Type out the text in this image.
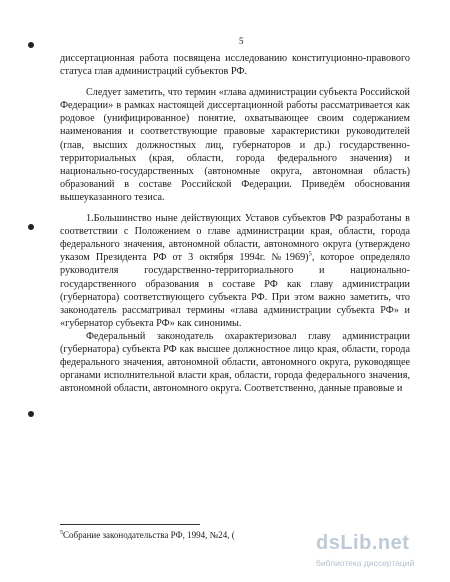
5

диссертационная работа посвящена исследованию конституционно-правового статуса глав администраций субъектов РФ.

Следует заметить, что термин «глава администрации субъекта Российской Федерации» в рамках настоящей диссертационной работы рассматривается как родовое (унифицированное) понятие, охватывающее своим содержанием наименования и соответствующие правовые характеристики руководителей (глав, высших должностных лиц, губернаторов и др.) государственно-территориальных (края, области, города федерального значения) и национально-государственных (автономные округа, автономная область) образований в составе Российской Федерации. Приведём обоснования вышеуказанного тезиса.

1.Большинство ныне действующих Уставов субъектов РФ разработаны в соответствии с Положением о главе администрации края, области, города федерального значения, автономной области, автономного округа (утверждено указом Президента РФ от 3 октября 1994г. №1969)$^5$, которое определяло руководителя государственно-территориального и национально-государственного образования в составе РФ как главу администрации (губернатора) соответствующего субъекта РФ. При этом важно заметить, что законодатель рассматривал термины «глава администрации субъекта РФ» и «губернатор субъекта РФ» как синонимы.

Федеральный законодатель охарактеризовал главу администрации (губернатора) субъекта РФ как высшее должностное лицо края, области, города федерального значения, автономной области, автономного округа, руководящее органами исполнительной власти края, области, города федерального значения, автономной области, автономного округа. Соответственно, данные правовые и

$^5$Собрание законодательства РФ, 1994, №24, (	dsLib.net
библиотека диссертаций
